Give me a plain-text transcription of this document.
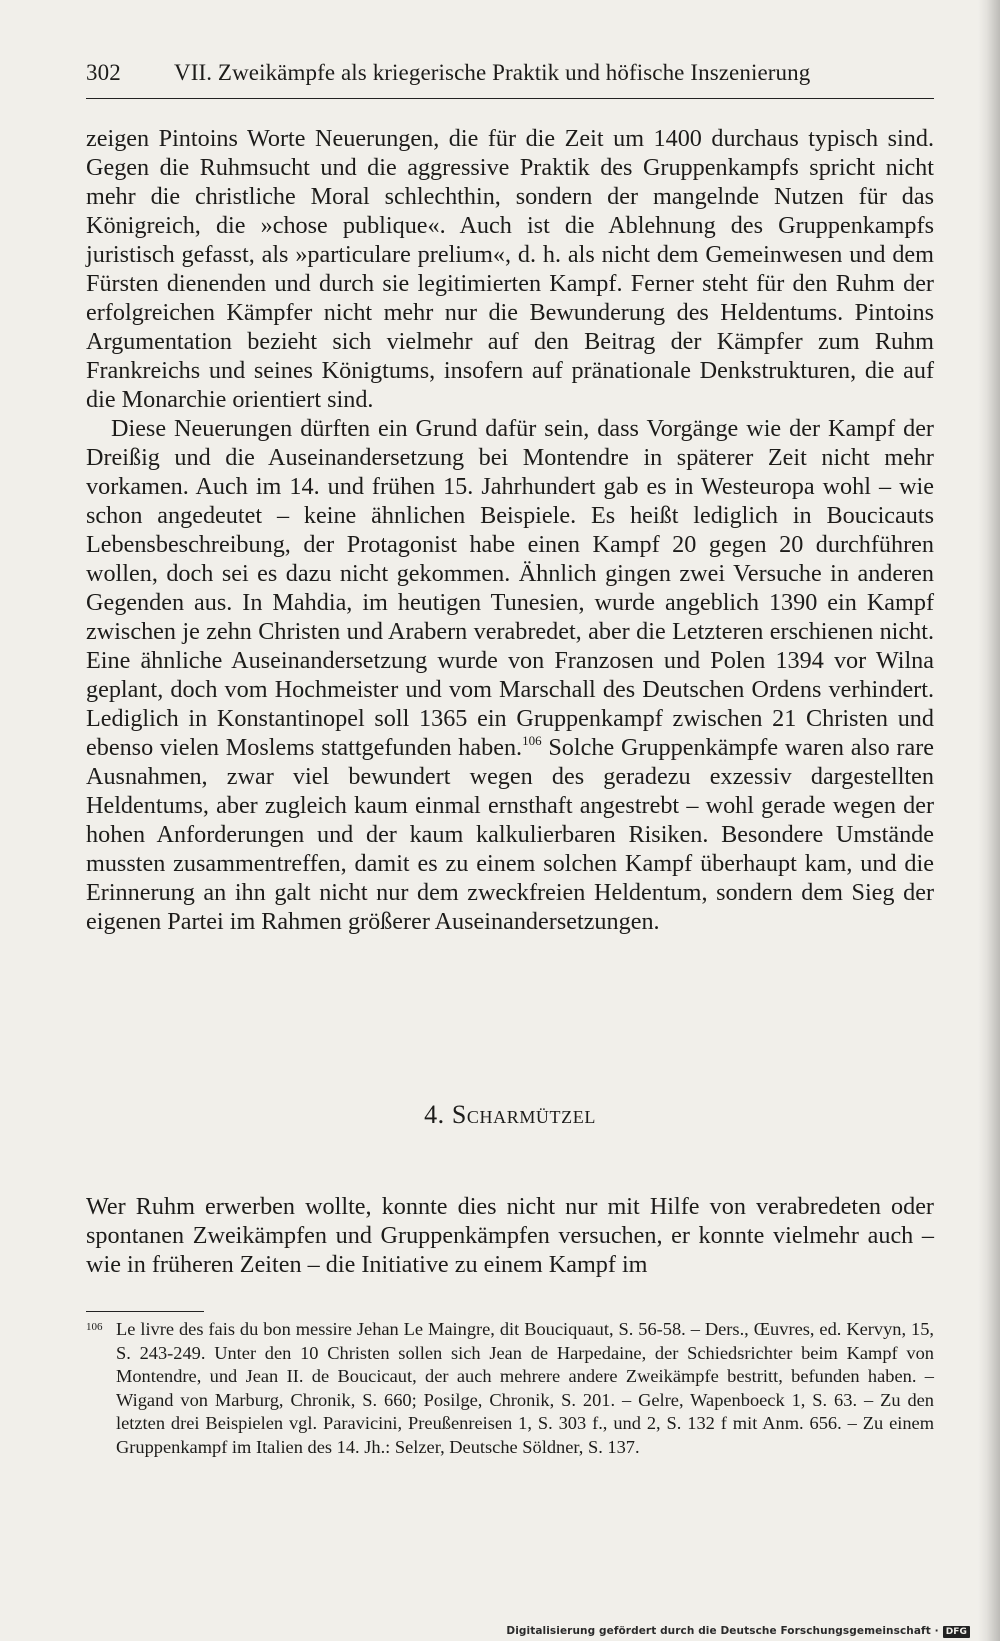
302 VII. Zweikämpfe als kriegerische Praktik und höfische Inszenierung

zeigen Pintoins Worte Neuerungen, die für die Zeit um 1400 durchaus typisch sind. Gegen die Ruhmsucht und die aggressive Praktik des Gruppenkampfs spricht nicht mehr die christliche Moral schlechthin, sondern der mangelnde Nutzen für das Königreich, die »chose publique«. Auch ist die Ablehnung des Gruppenkampfs juristisch gefasst, als »particulare prelium«, d. h. als nicht dem Gemeinwesen und dem Fürsten dienenden und durch sie legitimierten Kampf. Ferner steht für den Ruhm der erfolgreichen Kämpfer nicht mehr nur die Bewunderung des Heldentums. Pintoins Argumentation bezieht sich vielmehr auf den Beitrag der Kämpfer zum Ruhm Frankreichs und seines Königtums, insofern auf pränationale Denkstrukturen, die auf die Monarchie orientiert sind.

Diese Neuerungen dürften ein Grund dafür sein, dass Vorgänge wie der Kampf der Dreißig und die Auseinandersetzung bei Montendre in späterer Zeit nicht mehr vorkamen. Auch im 14. und frühen 15. Jahrhundert gab es in Westeuropa wohl – wie schon angedeutet – keine ähnlichen Beispiele. Es heißt lediglich in Boucicauts Lebensbeschreibung, der Protagonist habe einen Kampf 20 gegen 20 durchführen wollen, doch sei es dazu nicht gekommen. Ähnlich gingen zwei Versuche in anderen Gegenden aus. In Mahdia, im heutigen Tunesien, wurde angeblich 1390 ein Kampf zwischen je zehn Christen und Arabern verabredet, aber die Letzteren erschienen nicht. Eine ähnliche Auseinandersetzung wurde von Franzosen und Polen 1394 vor Wilna geplant, doch vom Hochmeister und vom Marschall des Deutschen Ordens verhindert. Lediglich in Konstantinopel soll 1365 ein Gruppenkampf zwischen 21 Christen und ebenso vielen Moslems stattgefunden haben.$^{106}$ Solche Gruppenkämpfe waren also rare Ausnahmen, zwar viel bewundert wegen des geradezu exzessiv dargestellten Heldentums, aber zugleich kaum einmal ernsthaft angestrebt – wohl gerade wegen der hohen Anforderungen und der kaum kalkulierbaren Risiken. Besondere Umstände mussten zusammentreffen, damit es zu einem solchen Kampf überhaupt kam, und die Erinnerung an ihn galt nicht nur dem zweckfreien Heldentum, sondern dem Sieg der eigenen Partei im Rahmen größerer Auseinandersetzungen.

4. Scharmützel

Wer Ruhm erwerben wollte, konnte dies nicht nur mit Hilfe von verabredeten oder spontanen Zweikämpfen und Gruppenkämpfen versuchen, er konnte vielmehr auch – wie in früheren Zeiten – die Initiative zu einem Kampf im

106 Le livre des fais du bon messire Jehan Le Maingre, dit Bouciquaut, S. 56-58. – Ders., Œuvres, ed. Kervyn, 15, S. 243-249. Unter den 10 Christen sollen sich Jean de Harpedaine, der Schiedsrichter beim Kampf von Montendre, und Jean II. de Boucicaut, der auch mehrere andere Zweikämpfe bestritt, befunden haben. – Wigand von Marburg, Chronik, S. 660; Posilge, Chronik, S. 201. – Gelre, Wapenboeck 1, S. 63. – Zu den letzten drei Beispielen vgl. Paravicini, Preußenreisen 1, S. 303 f., und 2, S. 132 f mit Anm. 656. – Zu einem Gruppenkampf im Italien des 14. Jh.: Selzer, Deutsche Söldner, S. 137.
Digitalisierung gefördert durch die Deutsche Forschungsgemeinschaft · DFG
